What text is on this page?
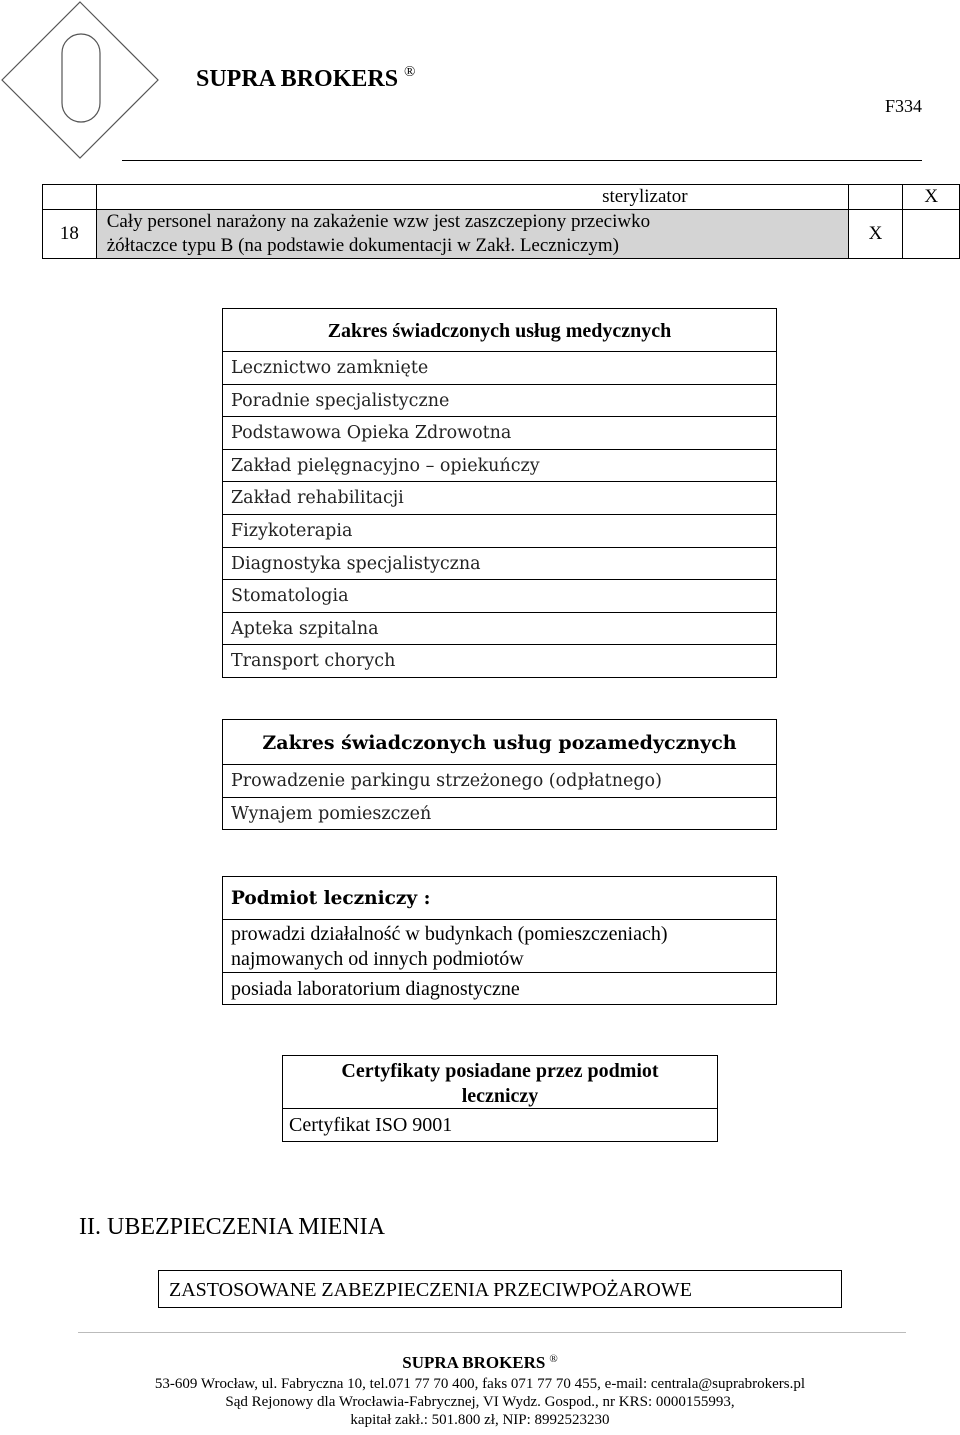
SUPRA BROKERS ®
F334
	sterylizator		X
18	Cały personel narażony na zakażenie wzw jest zaszczepiony przeciwko
żółtaczce typu B (na podstawie dokumentacji w Zakł. Leczniczym)	X	
Zakres świadczonych usług medycznych
Lecznictwo zamknięte
Poradnie specjalistyczne
Podstawowa Opieka Zdrowotna
Zakład pielęgnacyjno – opiekuńczy
Zakład rehabilitacji
Fizykoterapia
Diagnostyka specjalistyczna
Stomatologia
Apteka szpitalna
Transport chorych
Zakres świadczonych usług pozamedycznych
Prowadzenie parkingu strzeżonego (odpłatnego)
Wynajem pomieszczeń
Podmiot leczniczy :
prowadzi działalność w budynkach (pomieszczeniach)
najmowanych od innych podmiotów
posiada laboratorium diagnostyczne
Certyfikaty posiadane przez podmiot
leczniczy
Certyfikat ISO 9001
II. UBEZPIECZENIA MIENIA
ZASTOSOWANE ZABEZPIECZENIA PRZECIWPOŻAROWE
SUPRA BROKERS ®
53-609 Wrocław, ul. Fabryczna 10, tel.071 77 70 400, faks 071 77 70 455, e-mail: centrala@suprabrokers.pl
Sąd Rejonowy dla Wrocławia-Fabrycznej, VI Wydz. Gospod., nr KRS: 0000155993,
kapitał zakł.: 501.800 zł, NIP: 8992523230
